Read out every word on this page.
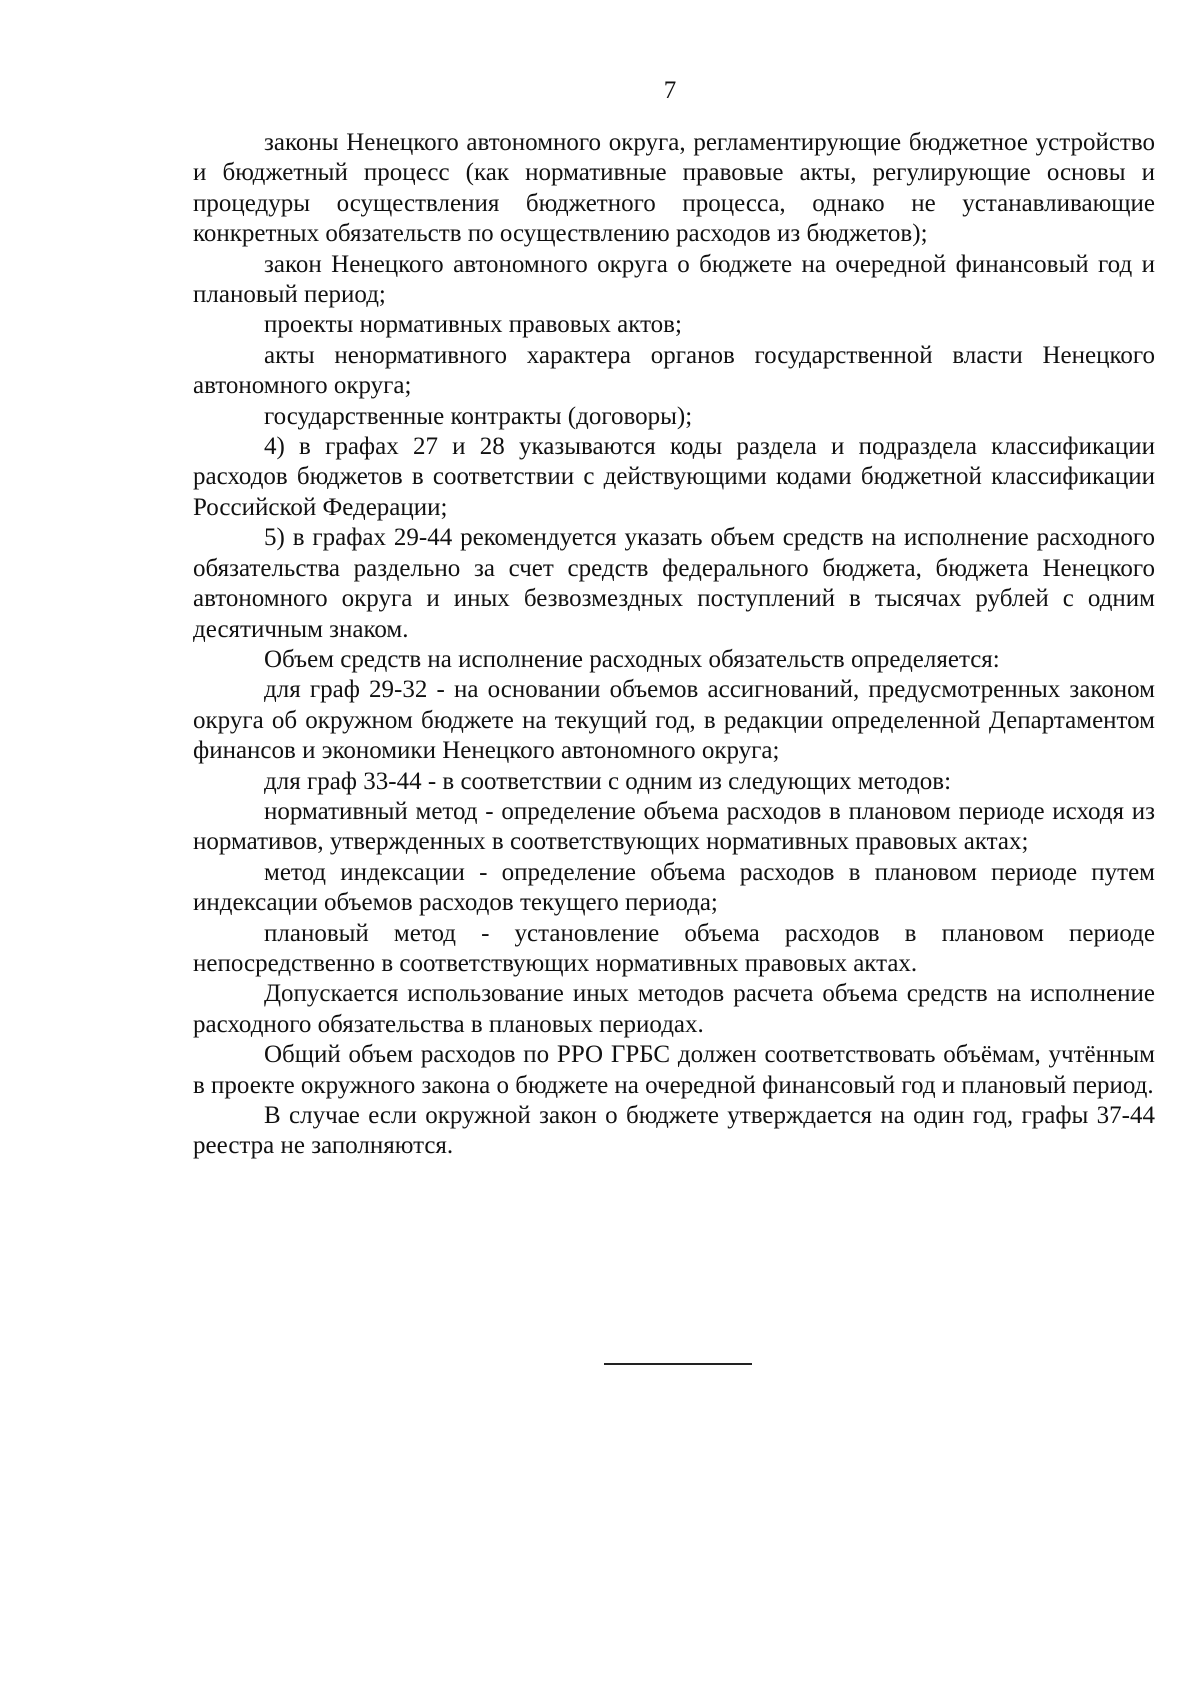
7

законы Ненецкого автономного округа, регламентирующие бюджетное устройство и бюджетный процесс (как нормативные правовые акты, регулирующие основы и процедуры осуществления бюджетного процесса, однако не устанавливающие конкретных обязательств по осуществлению расходов из бюджетов);

закон Ненецкого автономного округа о бюджете на очередной финансовый год и плановый период;

проекты нормативных правовых актов;

акты ненормативного характера органов государственной власти Ненецкого автономного округа;

государственные контракты (договоры);

4) в графах 27 и 28 указываются коды раздела и подраздела классификации расходов бюджетов в соответствии с действующими кодами бюджетной классификации Российской Федерации;

5) в графах 29-44 рекомендуется указать объем средств на исполнение расходного обязательства раздельно за счет средств федерального бюджета, бюджета Ненецкого автономного округа и иных безвозмездных поступлений в тысячах рублей с одним десятичным знаком.

Объем средств на исполнение расходных обязательств определяется:

для граф 29-32 - на основании объемов ассигнований, предусмотренных законом округа об окружном бюджете на текущий год, в редакции определенной Департаментом финансов и экономики Ненецкого автономного округа;

для граф 33-44 - в соответствии с одним из следующих методов:

нормативный метод - определение объема расходов в плановом периоде исходя из нормативов, утвержденных в соответствующих нормативных правовых актах;

метод индексации - определение объема расходов в плановом периоде путем индексации объемов расходов текущего периода;

плановый метод - установление объема расходов в плановом периоде непосредственно в соответствующих нормативных правовых актах.

Допускается использование иных методов расчета объема средств на исполнение расходного обязательства в плановых периодах.

Общий объем расходов по РРО ГРБС должен соответствовать объёмам, учтённым в проекте окружного закона о бюджете на очередной финансовый год и плановый период.

В случае если окружной закон о бюджете утверждается на один год, графы 37-44 реестра не заполняются.
